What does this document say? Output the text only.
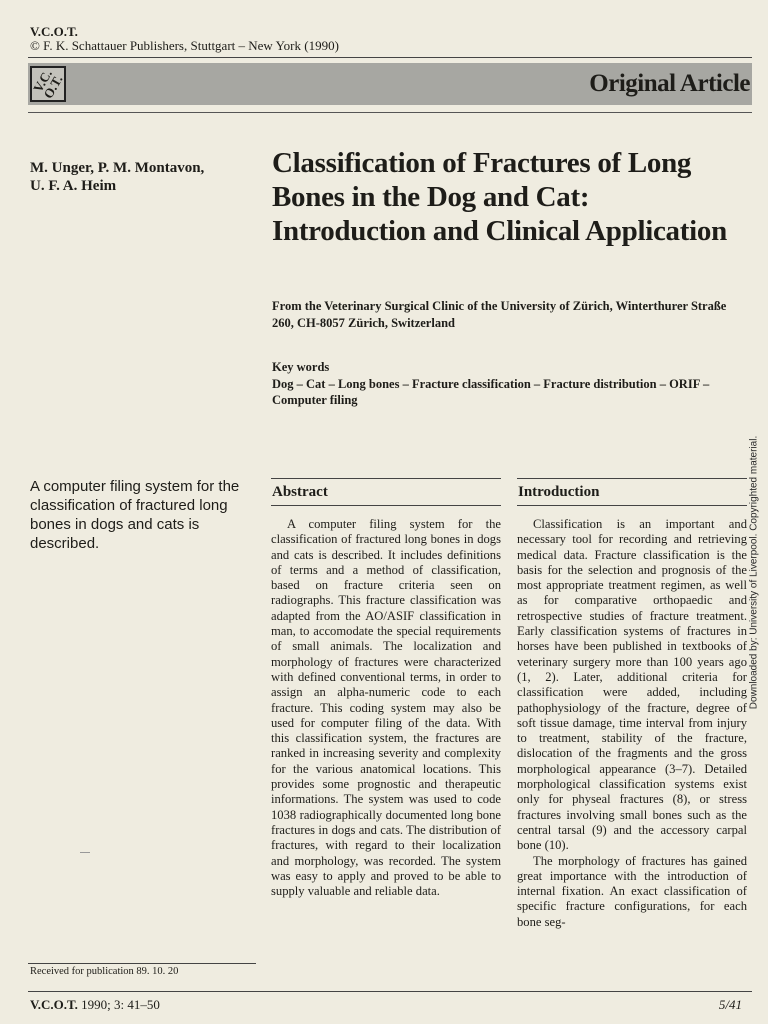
V.C.O.T.
© F. K. Schattauer Publishers, Stuttgart – New York (1990)
V.C.
O.T.	Original Article
M. Unger, P. M. Montavon,
U. F. A. Heim
Classification of Fractures of Long Bones in the Dog and Cat: Introduction and Clinical Application
From the Veterinary Surgical Clinic of the University of Zürich, Winterthurer Straße 260, CH-8057 Zürich, Switzerland
Key words
Dog – Cat – Long bones – Fracture classification – Fracture distribution – ORIF – Computer filing
A computer filing system for the classification of fractured long bones in dogs and cats is described.
Abstract

A computer filing system for the classification of fractured long bones in dogs and cats is described. It includes definitions of terms and a method of classification, based on fracture criteria seen on radiographs. This fracture classification was adapted from the AO/ASIF classification in man, to accomodate the special requirements of small animals. The localization and morphology of fractures were characterized with defined conventional terms, in order to assign an alpha-numeric code to each fracture. This coding system may also be used for computer filing of the data. With this classification system, the fractures are ranked in increasing severity and complexity for the various anatomical locations. This provides some prognostic and therapeutic informations. The system was used to code 1038 radiographically documented long bone fractures in dogs and cats. The distribution of fractures, with regard to their localization and morphology, was recorded. The system was easy to apply and proved to be able to supply valuable and reliable data.

Introduction

Classification is an important and necessary tool for recording and retrieving medical data. Fracture classification is the basis for the selection and prognosis of the most appropriate treatment regimen, as well as for comparative orthopaedic and retrospective studies of fracture treatment. Early classification systems of fractures in horses have been published in textbooks of veterinary surgery more than 100 years ago (1, 2). Later, additional criteria for classification were added, including pathophysiology of the fracture, degree of soft tissue damage, time interval from injury to treatment, stability of the fracture, dislocation of the fragments and the gross morphological appearance (3–7). Detailed morphological classification systems exist only for physeal fractures (8), or stress fractures involving small bones such as the central tarsal (9) and the accessory carpal bone (10).

The morphology of fractures has gained great importance with the introduction of internal fixation. An exact classification of specific fracture configurations, for each bone seg-

Received for publication 89. 10. 20
V.C.O.T. 1990; 3: 41–50	5/41
Downloaded by: University of Liverpool. Copyrighted material.
